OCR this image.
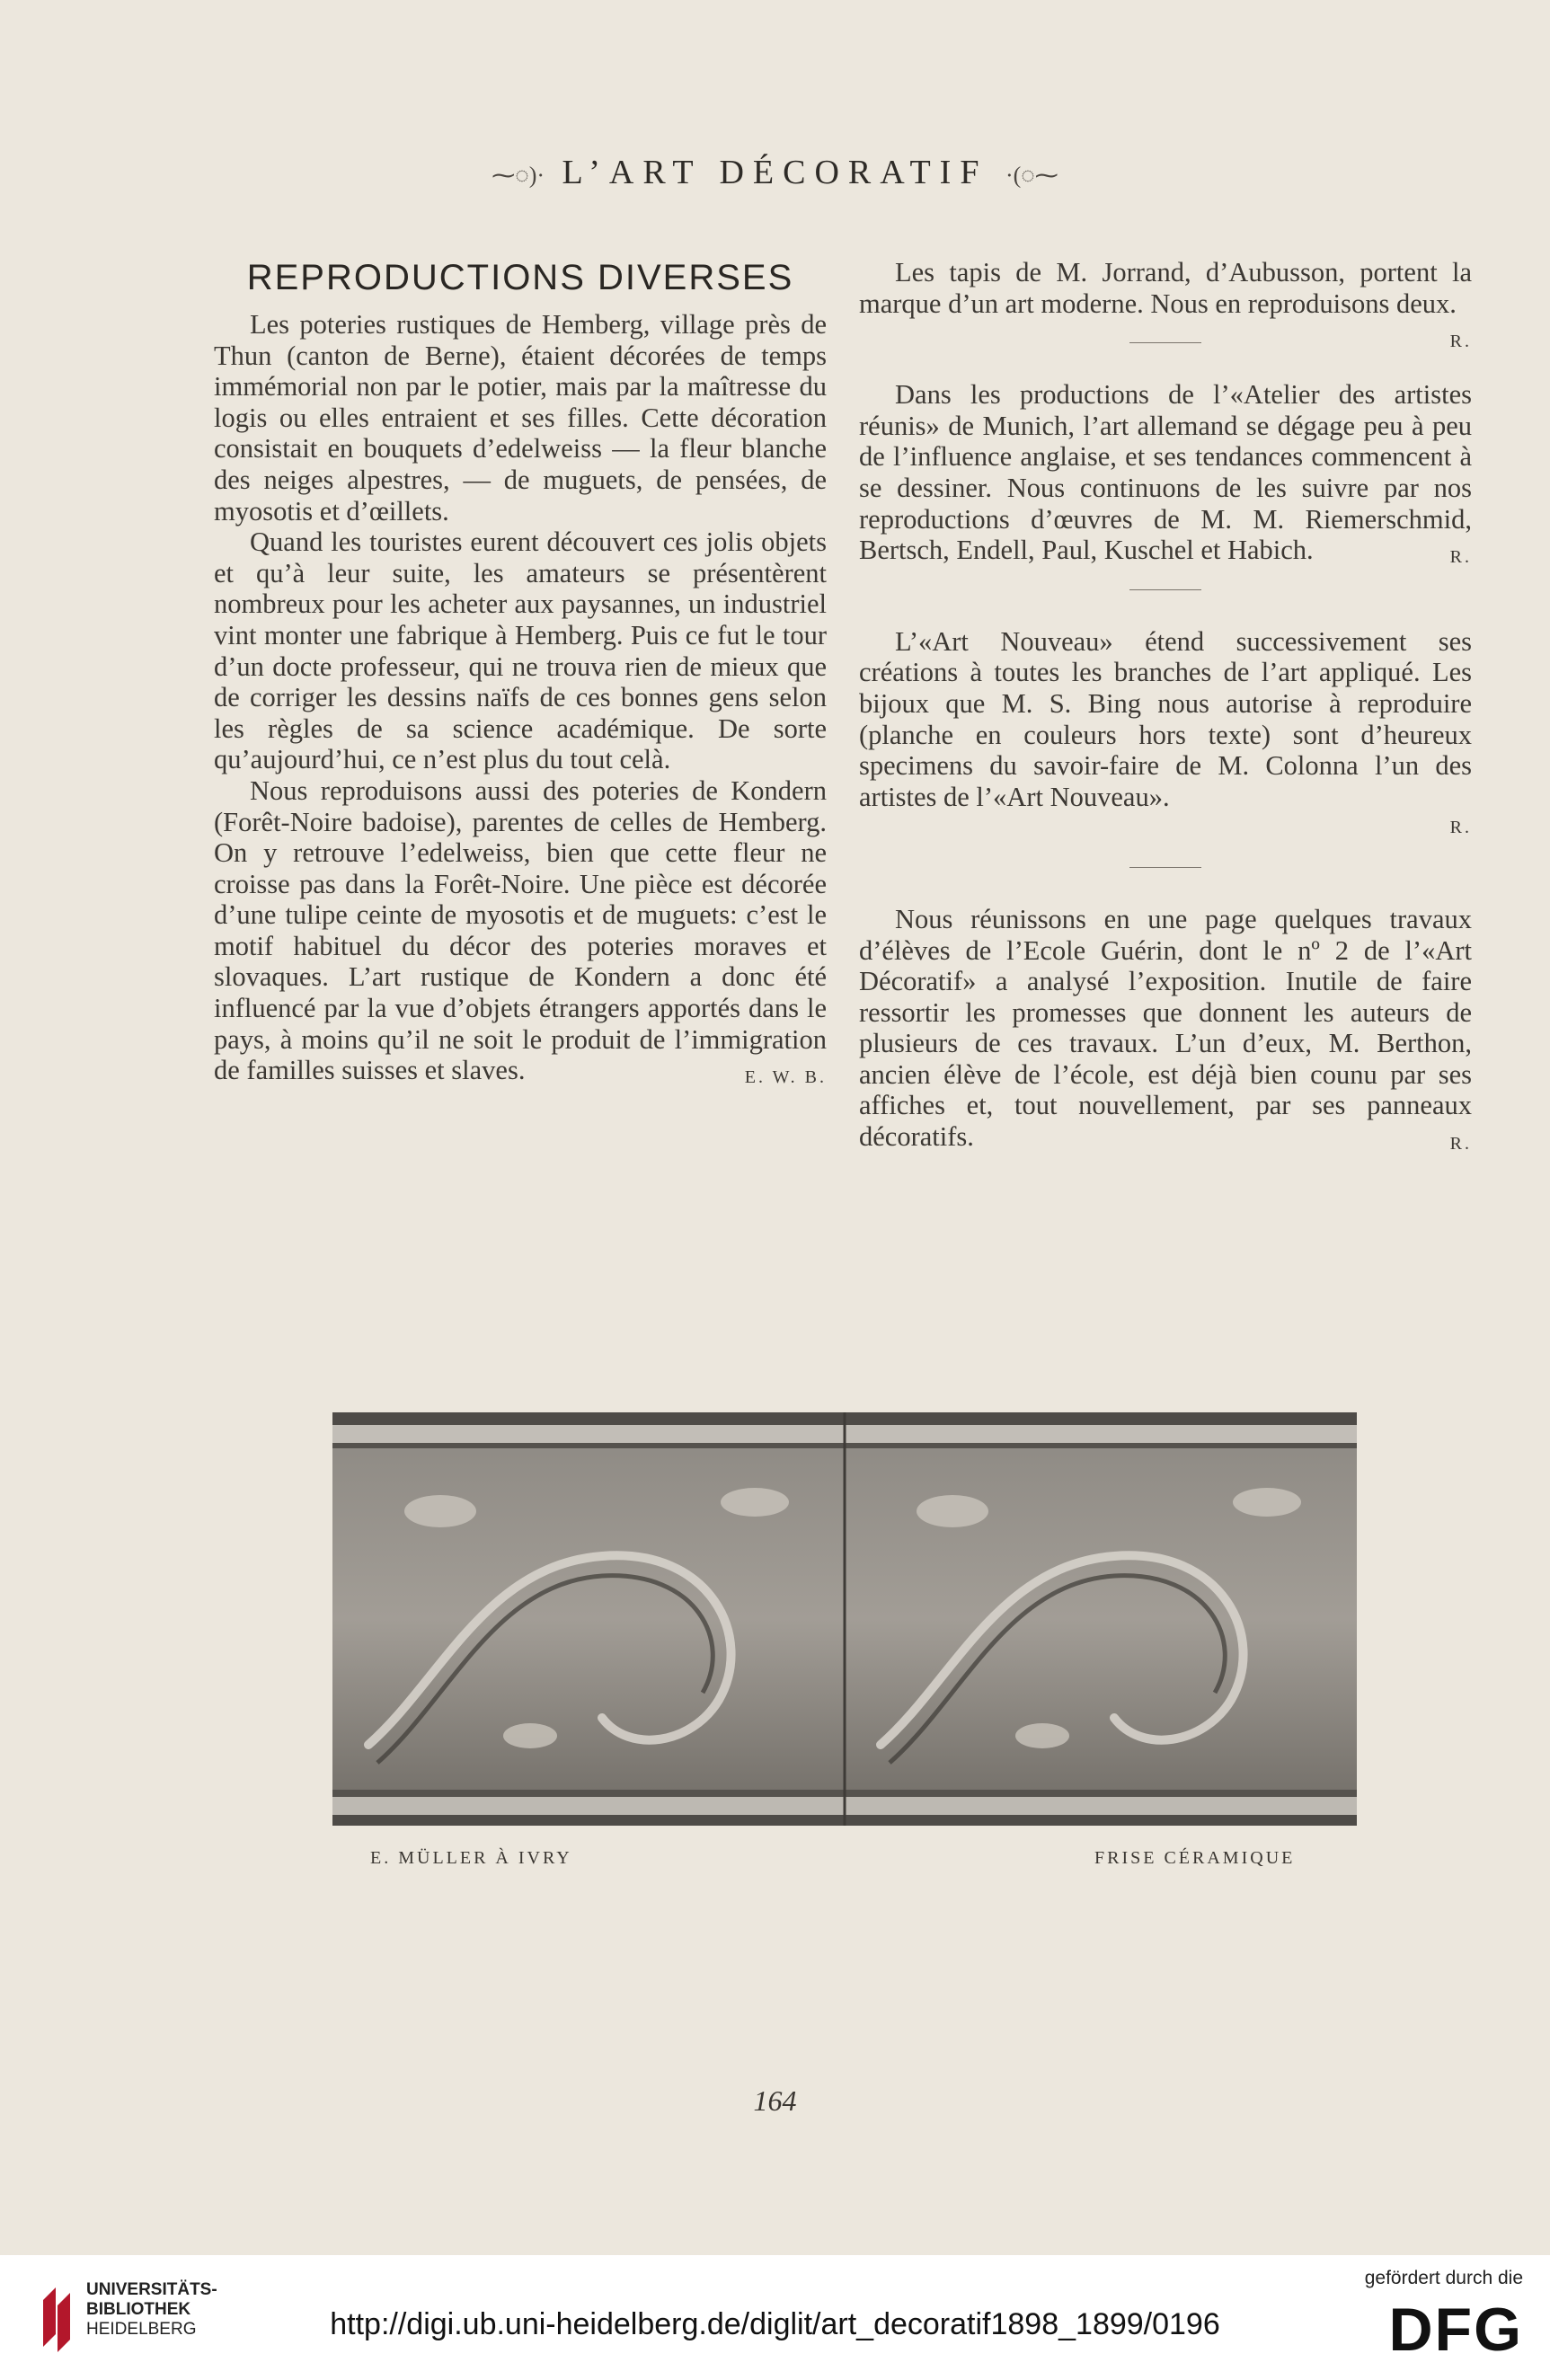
⁓◌)· L’ART DÉCORATIF ·(◌⁓

REPRODUCTIONS DIVERSES

Les poteries rustiques de Hemberg, village près de Thun (canton de Berne), étaient décorées de temps immémorial non par le potier, mais par la maîtresse du logis ou elles entraient et ses filles. Cette décoration consistait en bouquets d’edelweiss — la fleur blanche des neiges alpestres, — de muguets, de pensées, de myosotis et d’œillets.

Quand les touristes eurent découvert ces jolis objets et qu’à leur suite, les amateurs se présentèrent nombreux pour les acheter aux paysannes, un industriel vint monter une fabrique à Hemberg. Puis ce fut le tour d’un docte professeur, qui ne trouva rien de mieux que de corriger les dessins naïfs de ces bonnes gens selon les règles de sa science académique. De sorte qu’aujourd’hui, ce n’est plus du tout celà.

Nous reproduisons aussi des poteries de Kondern (Forêt-Noire badoise), parentes de celles de Hemberg. On y retrouve l’edelweiss, bien que cette fleur ne croisse pas dans la Forêt-Noire. Une pièce est décorée d’une tulipe ceinte de myosotis et de muguets: c’est le motif habituel du décor des poteries moraves et slovaques. L’art rustique de Kondern a donc été influencé par la vue d’objets étrangers apportés dans le pays, à moins qu’il ne soit le produit de l’immigration de familles suisses et slaves.	E. W. B.

Les tapis de M. Jorrand, d’Aubusson, portent la marque d’un art moderne. Nous en reproduisons deux.
R.

Dans les productions de l’«Atelier des artistes réunis» de Munich, l’art allemand se dégage peu à peu de l’influence anglaise, et ses tendances commencent à se dessiner. Nous continuons de les suivre par nos reproductions d’œuvres de M. M. Riemerschmid, Bertsch, Endell, Paul, Kuschel et Habich.	R.

L’«Art Nouveau» étend successivement ses créations à toutes les branches de l’art appliqué. Les bijoux que M. S. Bing nous autorise à reproduire (planche en couleurs hors texte) sont d’heureux specimens du savoir-faire de M. Colonna l’un des artistes de l’«Art Nouveau».

R.

Nous réunissons en une page quelques travaux d’élèves de l’Ecole Guérin, dont le nº 2 de l’«Art Décoratif» a analysé l’exposition. Inutile de faire ressortir les promesses que donnent les auteurs de plusieurs de ces travaux. L’un d’eux, M. Berthon, ancien élève de l’école, est déjà bien counu par ses affiches et, tout nouvellement, par ses panneaux décoratifs.	R.

E. MÜLLER À IVRY	FRISE CÉRAMIQUE
164
UNIVERSITÄTS-
BIBLIOTHEK
HEIDELBERG	http://digi.ub.uni-heidelberg.de/diglit/art_decoratif1898_1899/0196
gefördert durch die
DFG
